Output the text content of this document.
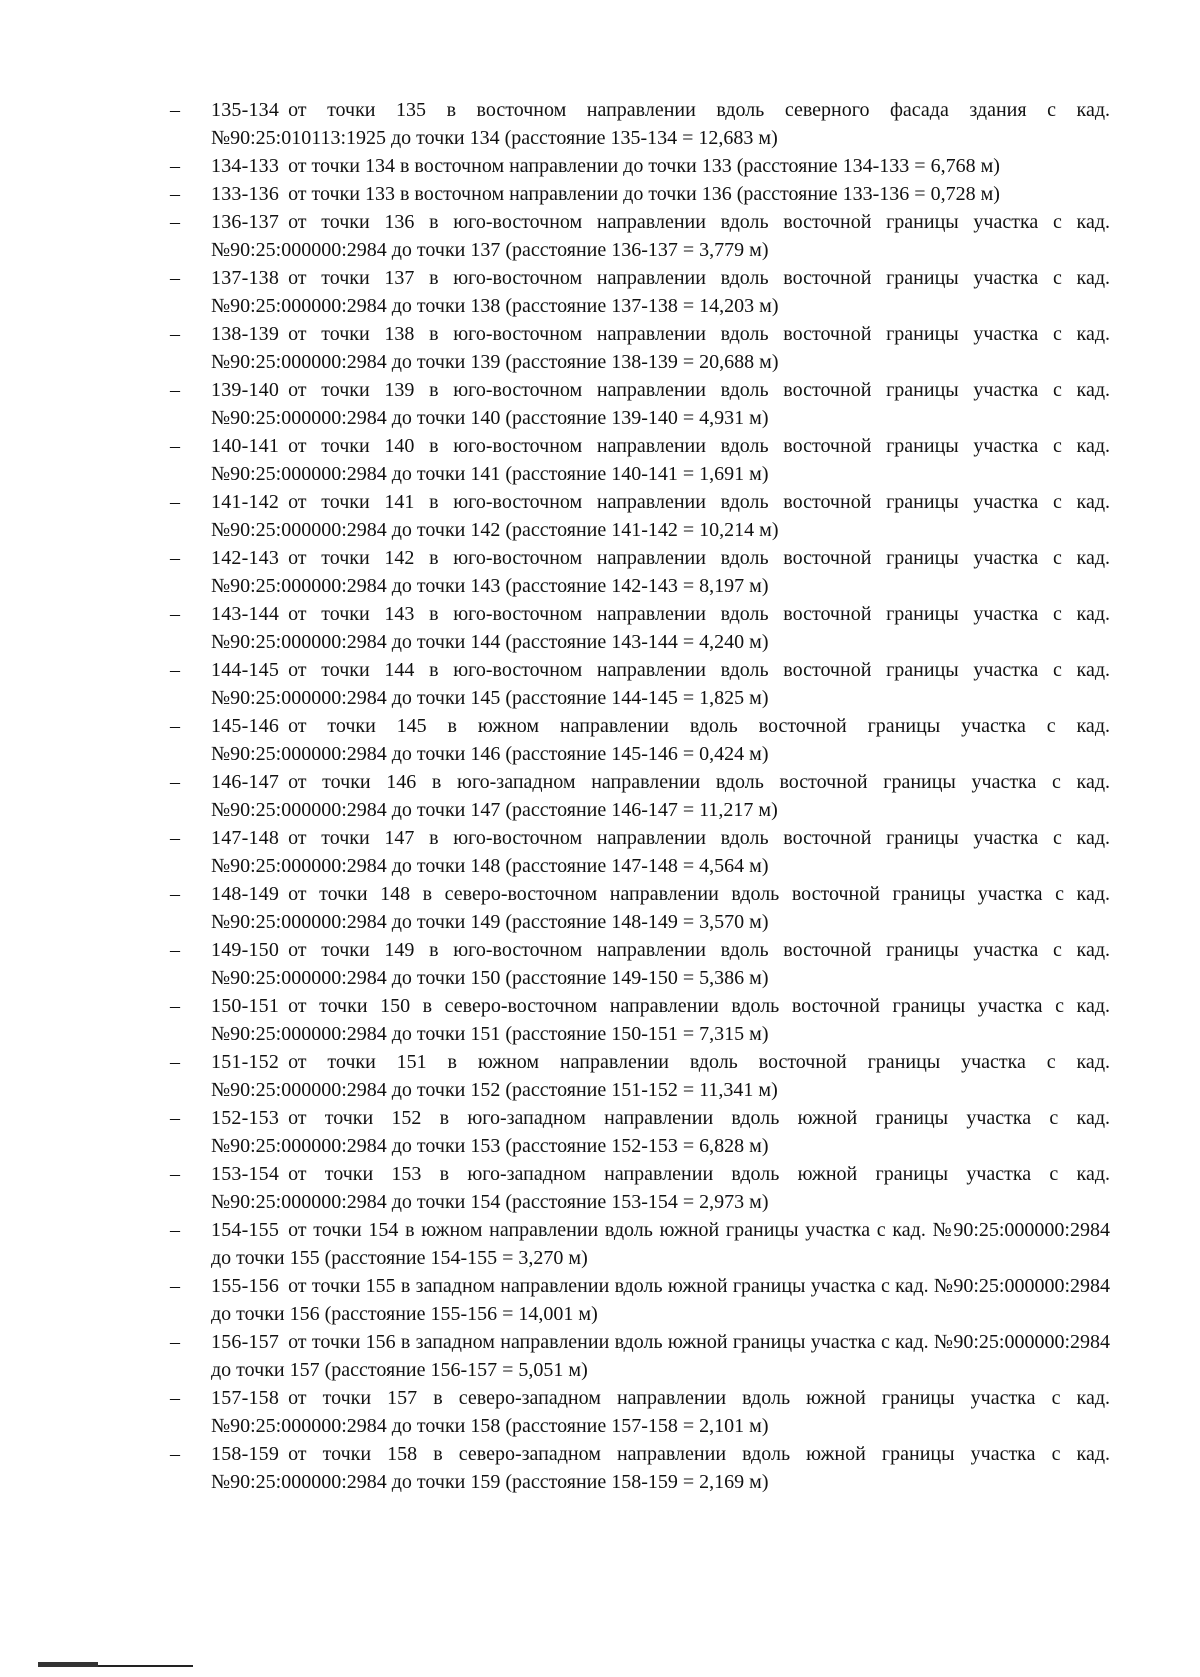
–	135-134 от точки 135 в восточном направлении вдоль северного фасада здания с кад. №90:25:010113:1925 до точки 134 (расстояние 135-134 = 12,683 м)
–	134-133 от точки 134 в восточном направлении до точки 133 (расстояние 134-133 = 6,768 м)
–	133-136 от точки 133 в восточном направлении до точки 136 (расстояние 133-136 = 0,728 м)
–	136-137 от точки 136 в юго-восточном направлении вдоль восточной границы участка с кад. №90:25:000000:2984 до точки 137 (расстояние 136-137 = 3,779 м)
–	137-138 от точки 137 в юго-восточном направлении вдоль восточной границы участка с кад. №90:25:000000:2984 до точки 138 (расстояние 137-138 = 14,203 м)
–	138-139 от точки 138 в юго-восточном направлении вдоль восточной границы участка с кад. №90:25:000000:2984 до точки 139 (расстояние 138-139 = 20,688 м)
–	139-140 от точки 139 в юго-восточном направлении вдоль восточной границы участка с кад. №90:25:000000:2984 до точки 140 (расстояние 139-140 = 4,931 м)
–	140-141 от точки 140 в юго-восточном направлении вдоль восточной границы участка с кад. №90:25:000000:2984 до точки 141 (расстояние 140-141 = 1,691 м)
–	141-142 от точки 141 в юго-восточном направлении вдоль восточной границы участка с кад. №90:25:000000:2984 до точки 142 (расстояние 141-142 = 10,214 м)
–	142-143 от точки 142 в юго-восточном направлении вдоль восточной границы участка с кад. №90:25:000000:2984 до точки 143 (расстояние 142-143 = 8,197 м)
–	143-144 от точки 143 в юго-восточном направлении вдоль восточной границы участка с кад. №90:25:000000:2984 до точки 144 (расстояние 143-144 = 4,240 м)
–	144-145 от точки 144 в юго-восточном направлении вдоль восточной границы участка с кад. №90:25:000000:2984 до точки 145 (расстояние 144-145 = 1,825 м)
–	145-146 от точки 145 в южном направлении вдоль восточной границы участка с кад. №90:25:000000:2984 до точки 146 (расстояние 145-146 = 0,424 м)
–	146-147 от точки 146 в юго-западном направлении вдоль восточной границы участка с кад. №90:25:000000:2984 до точки 147 (расстояние 146-147 = 11,217 м)
–	147-148 от точки 147 в юго-восточном направлении вдоль восточной границы участка с кад. №90:25:000000:2984 до точки 148 (расстояние 147-148 = 4,564 м)
–	148-149 от точки 148 в северо-восточном направлении вдоль восточной границы участка с кад. №90:25:000000:2984 до точки 149 (расстояние 148-149 = 3,570 м)
–	149-150 от точки 149 в юго-восточном направлении вдоль восточной границы участка с кад. №90:25:000000:2984 до точки 150 (расстояние 149-150 = 5,386 м)
–	150-151 от точки 150 в северо-восточном направлении вдоль восточной границы участка с кад. №90:25:000000:2984 до точки 151 (расстояние 150-151 = 7,315 м)
–	151-152 от точки 151 в южном направлении вдоль восточной границы участка с кад. №90:25:000000:2984 до точки 152 (расстояние 151-152 = 11,341 м)
–	152-153 от точки 152 в юго-западном направлении вдоль южной границы участка с кад. №90:25:000000:2984 до точки 153 (расстояние 152-153 = 6,828 м)
–	153-154 от точки 153 в юго-западном направлении вдоль южной границы участка с кад. №90:25:000000:2984 до точки 154 (расстояние 153-154 = 2,973 м)
–	154-155 от точки 154 в южном направлении вдоль южной границы участка с кад. №90:25:000000:2984 до точки 155 (расстояние 154-155 = 3,270 м)
–	155-156 от точки 155 в западном направлении вдоль южной границы участка с кад. №90:25:000000:2984 до точки 156 (расстояние 155-156 = 14,001 м)
–	156-157 от точки 156 в западном направлении вдоль южной границы участка с кад. №90:25:000000:2984 до точки 157 (расстояние 156-157 = 5,051 м)
–	157-158 от точки 157 в северо-западном направлении вдоль южной границы участка с кад. №90:25:000000:2984 до точки 158 (расстояние 157-158 = 2,101 м)
–	158-159 от точки 158 в северо-западном направлении вдоль южной границы участка с кад. №90:25:000000:2984 до точки 159 (расстояние 158-159 = 2,169 м)
